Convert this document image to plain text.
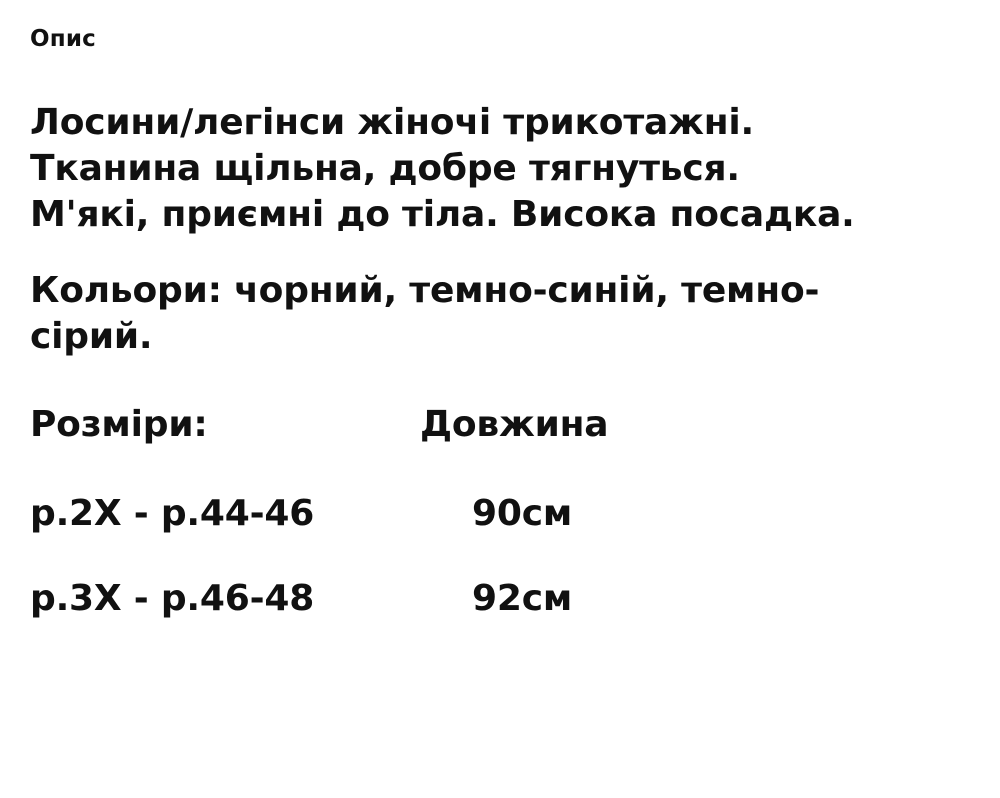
Опис
Лосини/легінси жіночі трикотажні.
Тканина щільна, добре тягнуться.
М'які, приємні до тіла. Висока посадка.
Кольори: чорний, темно-синій, темно-
сірий.
Розміри:	Довжина
р.2X - р.44-46	90см
р.3X - р.46-48	92см
